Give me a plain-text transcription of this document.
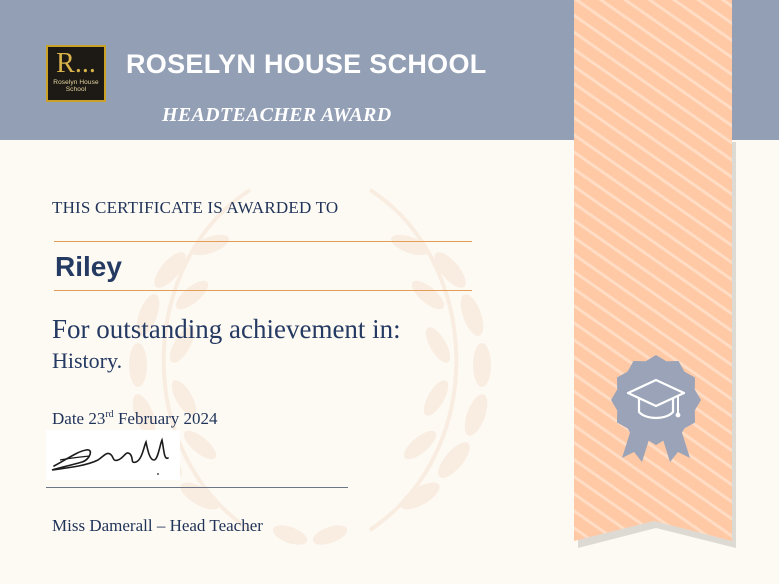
R...
Roselyn House
School
ROSELYN HOUSE SCHOOL
HEADTEACHER AWARD
THIS CERTIFICATE IS AWARDED TO
Riley
For outstanding achievement in:
History.
Date 23rd February 2024
Miss Damerall – Head Teacher
